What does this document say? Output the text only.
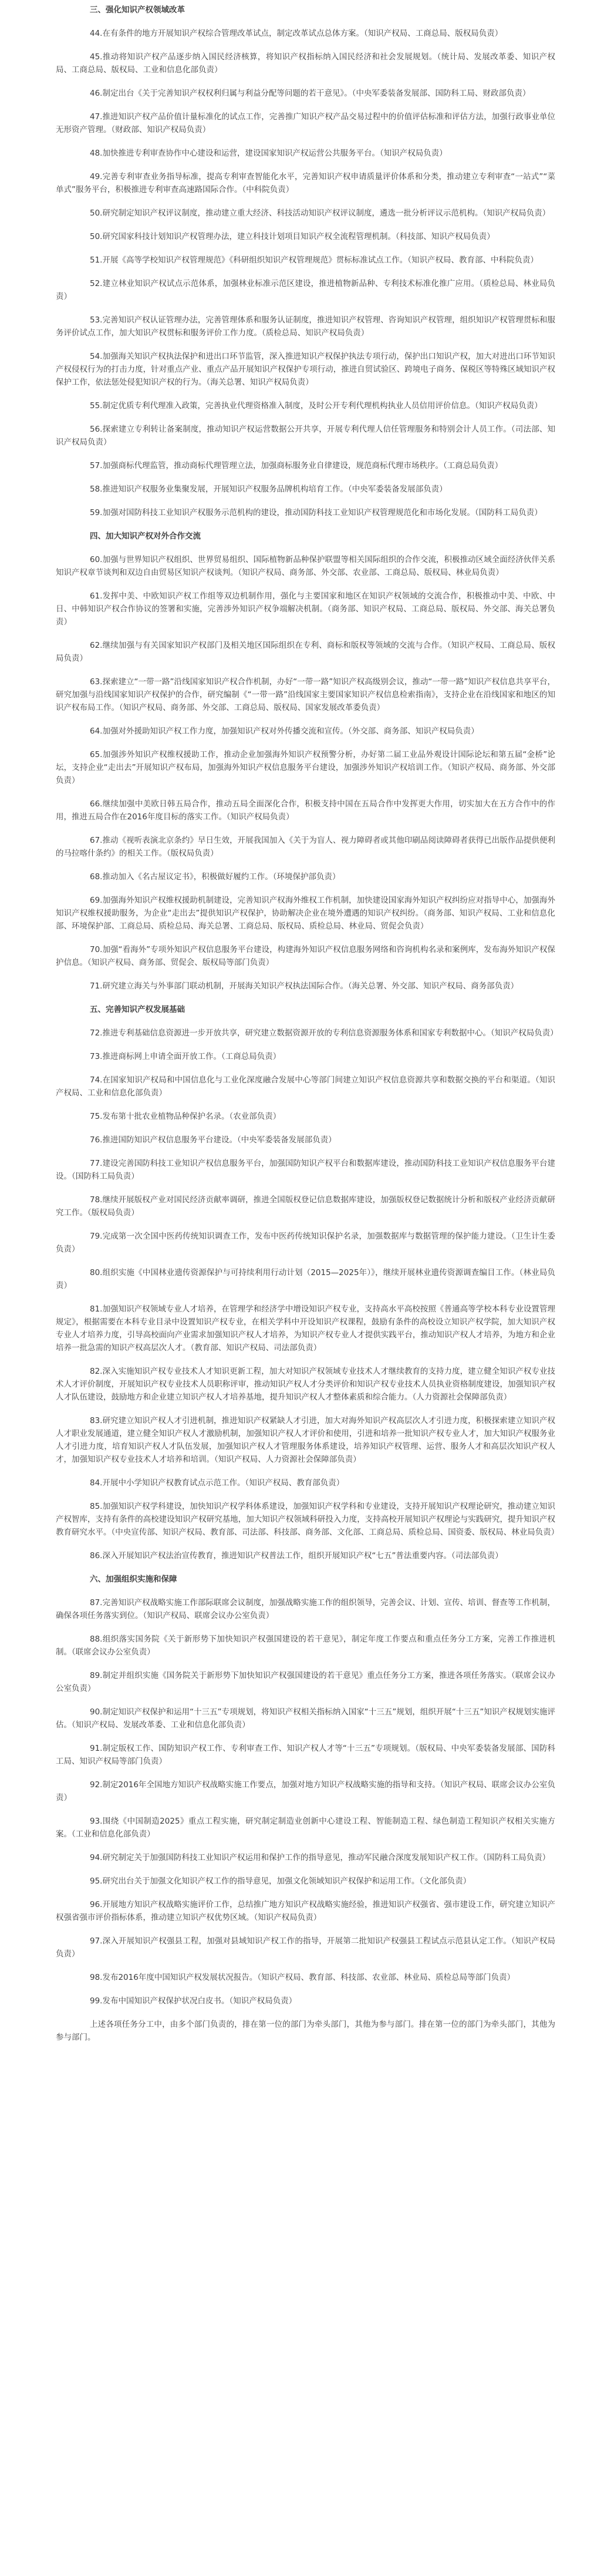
三、强化知识产权领域改革

44.在有条件的地方开展知识产权综合管理改革试点，制定改革试点总体方案。（知识产权局、工商总局、版权局负责）

45.推动将知识产权产品逐步纳入国民经济核算，将知识产权指标纳入国民经济和社会发展规划。（统计局、发展改革委、知识产权局、工商总局、版权局、工业和信息化部负责）

46.制定出台《关于完善知识产权权利归属与利益分配等问题的若干意见》。（中央军委装备发展部、国防科工局、财政部负责）

47.推进知识产权产品价值计量标准化的试点工作，完善推广知识产权产品交易过程中的价值评估标准和评估方法，加强行政事业单位无形资产管理。（财政部、知识产权局负责）

48.加快推进专利审查协作中心建设和运营，建设国家知识产权运营公共服务平台。（知识产权局负责）

49.完善专利审查业务指导标准，提高专利审查智能化水平，完善知识产权申请质量评价体系和分类，推动建立专利审查“一站式”“菜单式”服务平台，积极推进专利审查高速路国际合作。（中科院负责）

50.研究制定知识产权评议制度，推动建立重大经济、科技活动知识产权评议制度，遴选一批分析评议示范机构。（知识产权局负责）

50.研究国家科技计划知识产权管理办法，建立科技计划项目知识产权全流程管理机制。（科技部、知识产权局负责）

51.开展《高等学校知识产权管理规范》《科研组织知识产权管理规范》贯标标准试点工作。（知识产权局、教育部、中科院负责）

52.建立林业知识产权试点示范体系，加强林业标准示范区建设，推进植物新品种、专利技术标准化推广应用。（质检总局、林业局负责）

53.完善知识产权认证管理办法，完善管理体系和服务认证制度，推进知识产权管理、咨询知识产权管理，组织知识产权管理贯标和服务评价试点工作，加大知识产权贯标和服务评价工作力度。（质检总局、知识产权局负责）

54.加强海关知识产权执法保护和进出口环节监管，深入推进知识产权保护执法专项行动，保护出口知识产权，加大对进出口环节知识产权侵权行为的打击力度，针对重点产业、重点产品开展知识产权保护专项行动，推进自贸试验区、跨境电子商务、保税区等特殊区域知识产权保护工作，依法惩处侵犯知识产权的行为。（海关总署、知识产权局负责）

55.制定优质专利代理准入政策，完善执业代理资格准入制度，及时公开专利代理机构执业人员信用评价信息。（知识产权局负责）

56.探索建立专利转让备案制度，推动知识产权运营数据公开共享，开展专利代理人信任管理服务和特别会计人员工作。（司法部、知识产权局负责）

57.加强商标代理监管，推动商标代理管理立法，加强商标服务业自律建设，规范商标代理市场秩序。（工商总局负责）

58.推进知识产权服务业集聚发展，开展知识产权服务品牌机构培育工作。（中央军委装备发展部负责）

59.加强对国防科技工业知识产权服务示范机构的建设，推动国防科技工业知识产权管理规范化和市场化发展。（国防科工局负责）

四、加大知识产权对外合作交流

60.加强与世界知识产权组织、世界贸易组织、国际植物新品种保护联盟等相关国际组织的合作交流，积极推动区域全面经济伙伴关系知识产权章节谈判和双边自由贸易区知识产权谈判。（知识产权局、商务部、外交部、农业部、工商总局、版权局、林业局负责）

61.发挥中美、中欧知识产权工作组等双边机制作用，强化与主要国家和地区在知识产权领域的交流合作，积极推动中美、中欧、中日、中韩知识产权合作协议的签署和实施，完善涉外知识产权争端解决机制。（商务部、知识产权局、工商总局、版权局、外交部、海关总署负责）

62.继续加强与有关国家知识产权部门及相关地区国际组织在专利、商标和版权等领域的交流与合作。（知识产权局、工商总局、版权局负责）

63.探索建立“一带一路”沿线国家知识产权合作机制，办好“一带一路”知识产权高级别会议，推动“一带一路”知识产权信息共享平台，研究加强与沿线国家知识产权保护的合作，研究编制《“一带一路”沿线国家主要国家知识产权信息检索指南》，支持企业在沿线国家和地区的知识产权布局工作。（知识产权局、商务部、外交部、工商总局、版权局、国家发展改革委负责）

64.加强对外援助知识产权工作力度，加强知识产权对外传播交流和宣传。（外交部、商务部、知识产权局负责）

65.加强涉外知识产权维权援助工作，推动企业加强海外知识产权预警分析，办好第二届工业品外观设计国际论坛和第五届“金桥”论坛，支持企业“走出去”开展知识产权布局，加强海外知识产权信息服务平台建设，加强涉外知识产权培训工作。（知识产权局、商务部、外交部负责）

66.继续加强中美欧日韩五局合作，推动五局全面深化合作，积极支持中国在五局合作中发挥更大作用，切实加大在五方合作中的作用，推进五局合作在2016年度目标的落实工作。（知识产权局负责）

67.推动《视听表演北京条约》早日生效，开展我国加入《关于为盲人、视力障碍者或其他印刷品阅读障碍者获得已出版作品提供便利的马拉喀什条约》的相关工作。（版权局负责）

68.推动加入《名古屋议定书》，积极做好履约工作。（环境保护部负责）

69.加强海外知识产权维权援助机制建设，完善知识产权海外维权工作机制，加快建设国家海外知识产权纠纷应对指导中心，加强海外知识产权维权援助服务，为企业“走出去”提供知识产权保护，协助解决企业在境外遭遇的知识产权纠纷。（商务部、知识产权局、工业和信息化部、环境保护部、工商总局、质检总局、海关总署、工商总局、版权局、质检总局、林业局、贸促会负责）

70.加强“看海外”专项外知识产权信息服务平台建设，构建海外知识产权信息服务网络和咨询机构名录和案例库，发布海外知识产权保护信息。（知识产权局、商务部、贸促会、版权局等部门负责）

71.研究建立海关与外事部门联动机制，开展海关知识产权执法国际合作。（海关总署、外交部、知识产权局、商务部负责）

五、完善知识产权发展基础

72.推进专利基础信息资源进一步开放共享，研究建立数据资源开放的专利信息资源服务体系和国家专利数据中心。（知识产权局负责）

73.推进商标网上申请全面开放工作。（工商总局负责）

74.在国家知识产权局和中国信息化与工业化深度融合发展中心等部门间建立知识产权信息资源共享和数据交换的平台和渠道。（知识产权局、工业和信息化部负责）

75.发布第十批农业植物品种保护名录。（农业部负责）

76.推进国防知识产权信息服务平台建设。（中央军委装备发展部负责）

77.建设完善国防科技工业知识产权信息服务平台，加强国防知识产权平台和数据库建设，推动国防科技工业知识产权信息服务平台建设。（国防科工局负责）

78.继续开展版权产业对国民经济贡献率调研，推进全国版权登记信息数据库建设，加强版权登记数据统计分析和版权产业经济贡献研究工作。（版权局负责）

79.完成第一次全国中医药传统知识调查工作，发布中医药传统知识保护名录，加强数据库与数据管理的保护能力建设。（卫生计生委负责）

80.组织实施《中国林业遗传资源保护与可持续利用行动计划（2015—2025年）》，继续开展林业遗传资源调查编目工作。（林业局负责）

81.加强知识产权领域专业人才培养，在管理学和经济学中增设知识产权专业，支持高水平高校按照《普通高等学校本科专业设置管理规定》，根据需要在本科专业目录中设置知识产权专业，在相关学科中开设知识产权课程，鼓励有条件的高校设立知识产权学院，加大知识产权专业人才培养力度，引导高校面向产业需求加强知识产权人才培养，为知识产权专业人才提供实践平台，推动知识产权人才培养，为地方和企业培养一批急需的知识产权高层次人才。（教育部、知识产权局、司法部负责）

82.深入实施知识产权专业技术人才知识更新工程，加大对知识产权领域专业技术人才继续教育的支持力度，建立健全知识产权专业技术人才评价制度，开展知识产权专业技术人员职称评审，推动知识产权人才分类评价和知识产权专业技术人员执业资格制度建设，加强知识产权人才队伍建设，鼓励地方和企业建立知识产权人才培养基地，提升知识产权人才整体素质和综合能力。（人力资源社会保障部负责）

83.研究建立知识产权人才引进机制，推进知识产权紧缺人才引进，加大对海外知识产权高层次人才引进力度，积极探索建立知识产权人才职业发展通道，建立健全知识产权人才激励机制，加强知识产权人才评价和使用，引进和培养一批知识产权专业人才，加大知识产权服务业人才引进力度，培育知识产权人才队伍发展，加强知识产权人才管理服务体系建设，培养知识产权管理、运营、服务人才和高层次知识产权人才，加强知识产权专业技术人才培养和培训。（知识产权局、人力资源社会保障部负责）

84.开展中小学知识产权教育试点示范工作。（知识产权局、教育部负责）

85.加强知识产权学科建设，加快知识产权学科体系建设，加强知识产权学科和专业建设，支持开展知识产权理论研究，推动建立知识产权智库，支持有条件的高校建设知识产权研究基地，加大知识产权领域科研投入力度，支持高校开展知识产权理论与实践研究，提升知识产权教育研究水平。（中央宣传部、知识产权局、教育部、司法部、科技部、商务部、文化部、工商总局、质检总局、国资委、版权局、林业局负责）

86.深入开展知识产权法治宣传教育，推进知识产权普法工作，组织开展知识产权“七五”普法重要内容。（司法部负责）

六、加强组织实施和保障

87.完善知识产权战略实施工作部际联席会议制度，加强战略实施工作的组织领导，完善会议、计划、宣传、培训、督查等工作机制，确保各项任务落实到位。（知识产权局、联席会议办公室负责）

88.组织落实国务院《关于新形势下加快知识产权强国建设的若干意见》，制定年度工作要点和重点任务分工方案，完善工作推进机制。（联席会议办公室负责）

89.制定并组织实施《国务院关于新形势下加快知识产权强国建设的若干意见》重点任务分工方案，推进各项任务落实。（联席会议办公室负责）

90.制定知识产权保护和运用“十三五”专项规划，将知识产权相关指标纳入国家“十三五”规划，组织开展“十三五”知识产权规划实施评估。（知识产权局、发展改革委、工业和信息化部负责）

91.制定版权工作、国防知识产权工作、专利审查工作、知识产权人才等“十三五”专项规划。（版权局、中央军委装备发展部、国防科工局、知识产权局等部门负责）

92.制定2016年全国地方知识产权战略实施工作要点，加强对地方知识产权战略实施的指导和支持。（知识产权局、联席会议办公室负责）

93.围绕《中国制造2025》重点工程实施，研究制定制造业创新中心建设工程、智能制造工程、绿色制造工程知识产权相关实施方案。（工业和信息化部负责）

94.研究制定关于加强国防科技工业知识产权运用和保护工作的指导意见，推动军民融合深度发展知识产权工作。（国防科工局负责）

95.研究出台关于加强文化知识产权工作的指导意见，加强文化领域知识产权保护和运用工作。（文化部负责）

96.开展地方知识产权战略实施评价工作，总结推广地方知识产权战略实施经验，推进知识产权强省、强市建设工作，研究建立知识产权强省强市评价指标体系，推动建立知识产权优势区域。（知识产权局负责）

97.深入开展知识产权强县工程，加强对县域知识产权工作的指导，开展第二批知识产权强县工程试点示范县认定工作。（知识产权局负责）

98.发布2016年度中国知识产权发展状况报告。（知识产权局、教育部、科技部、农业部、林业局、质检总局等部门负责）

99.发布中国知识产权保护状况白皮书。（知识产权局负责）

上述各项任务分工中，由多个部门负责的，排在第一位的部门为牵头部门，其他为参与部门。排在第一位的部门为牵头部门，其他为参与部门。
